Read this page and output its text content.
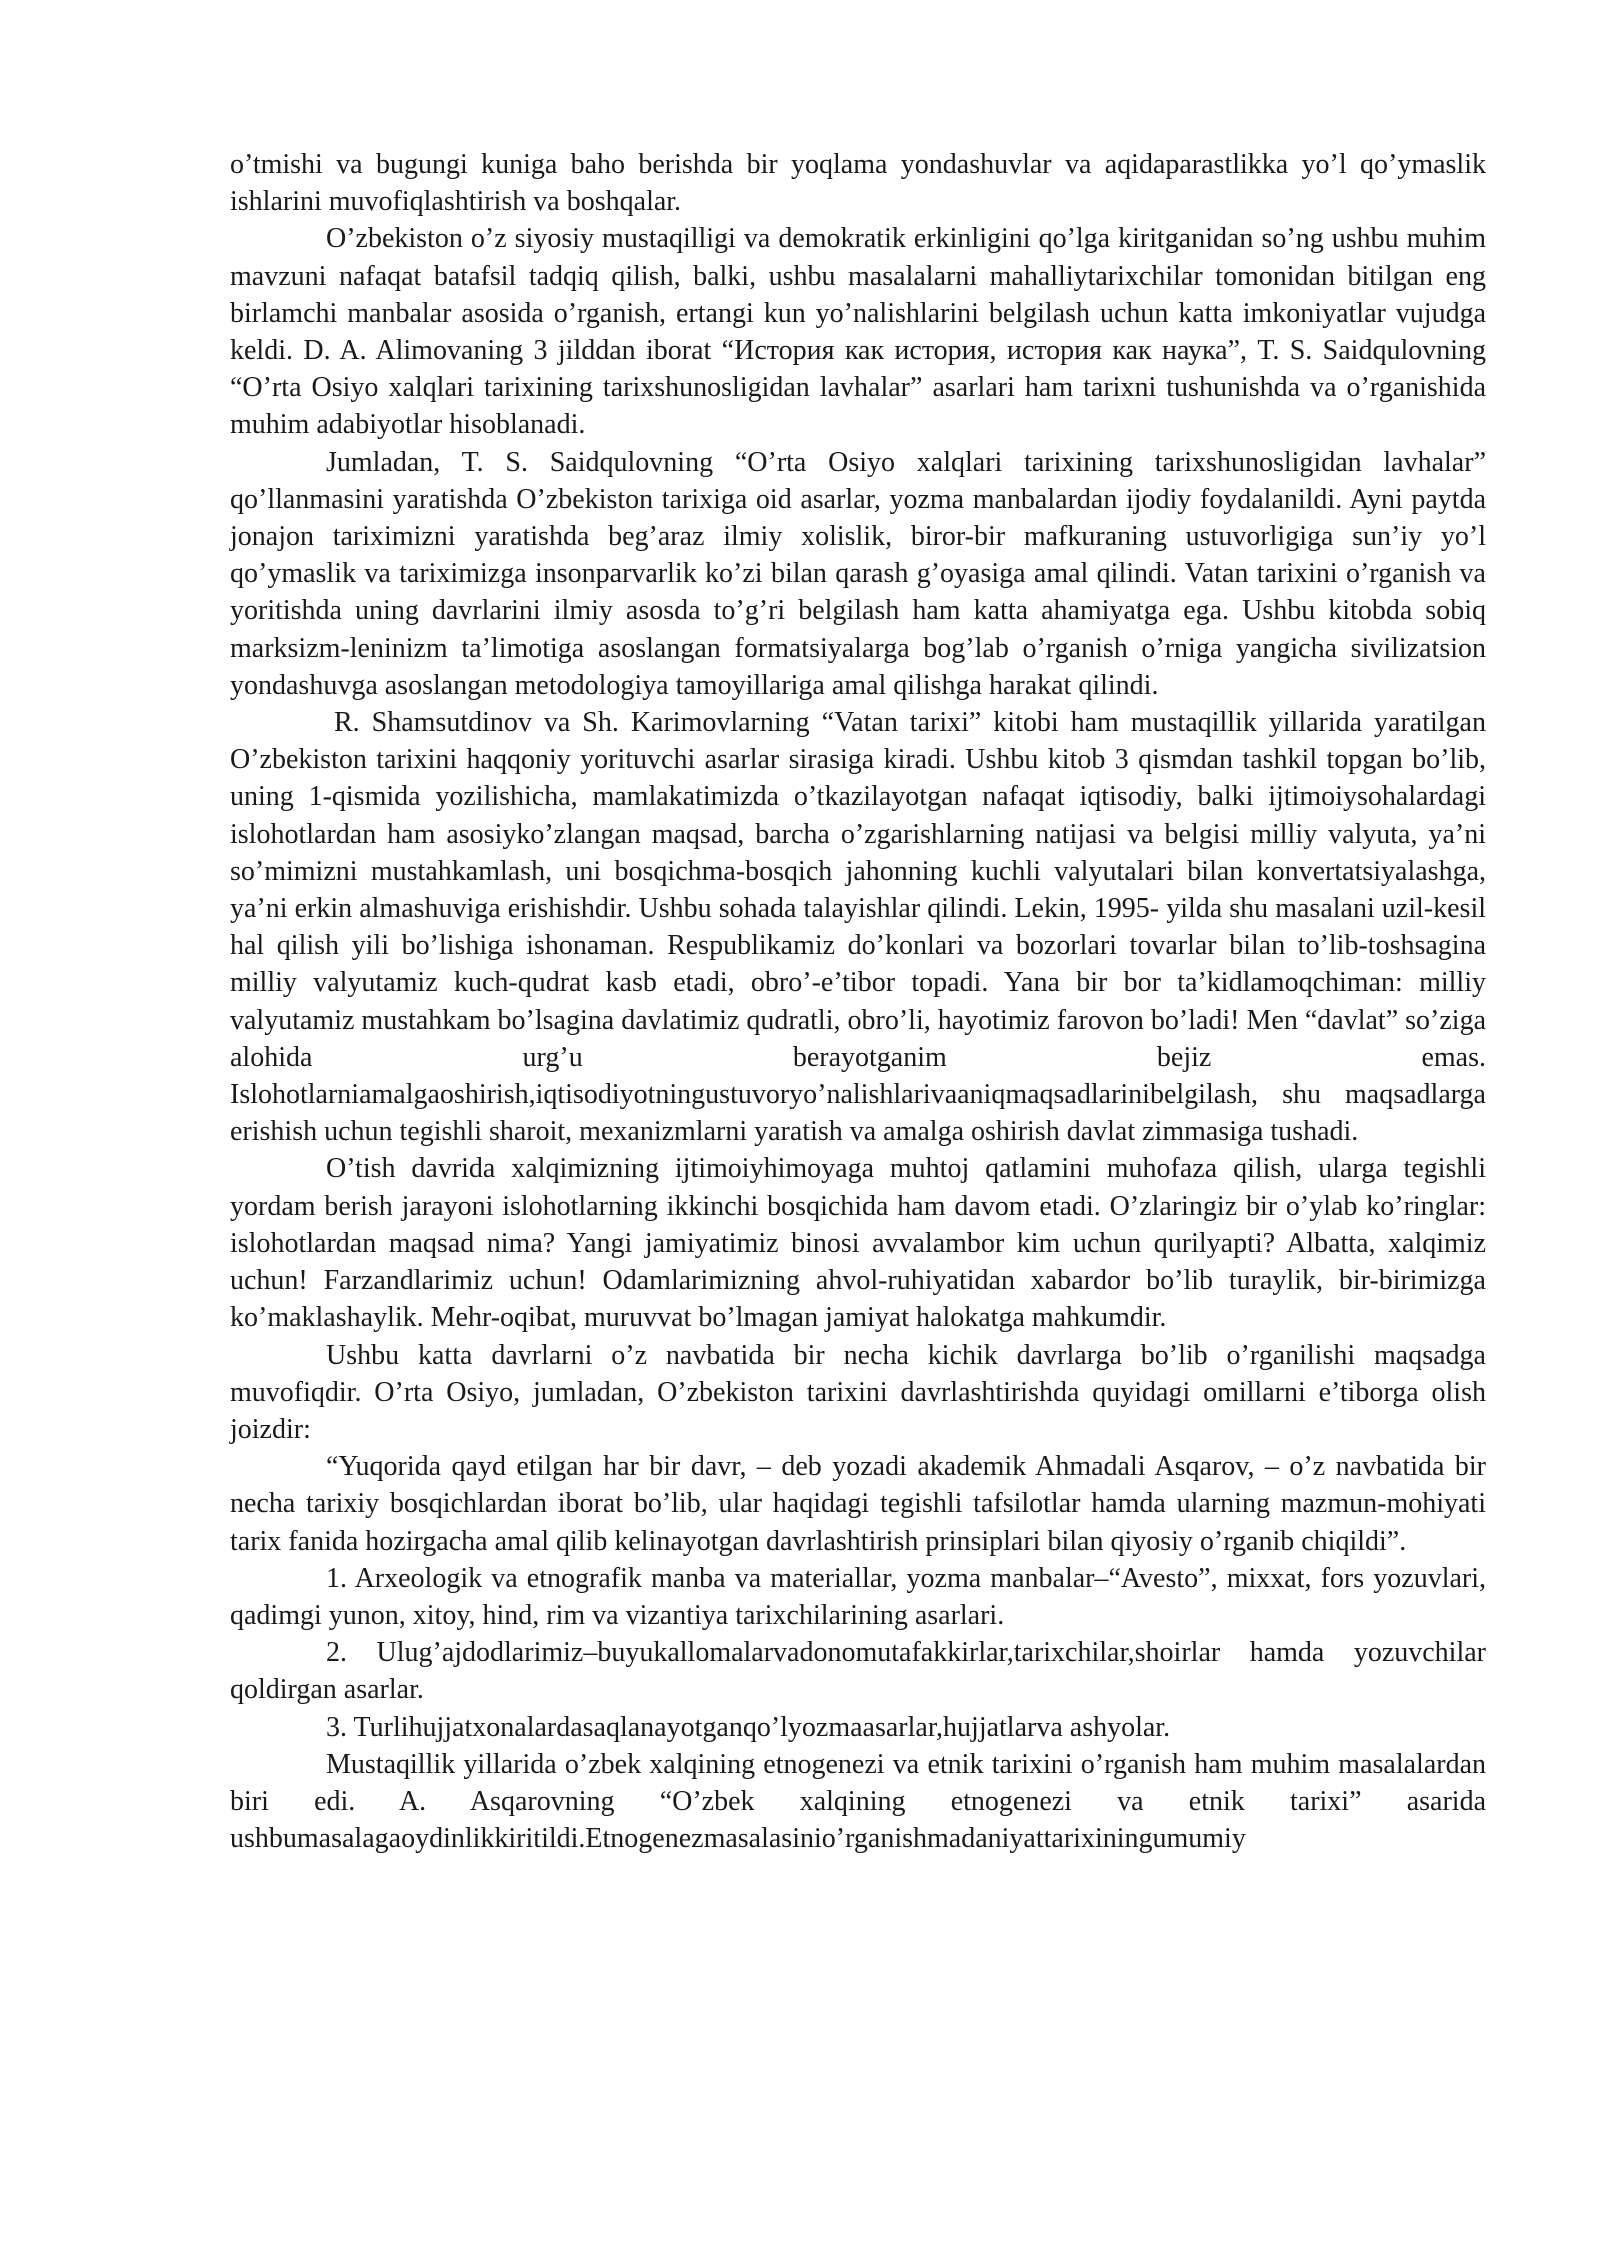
o’tmishi va bugungi kuniga baho berishda bir yoqlama yondashuvlar va aqidaparastlikka yo’l qo’ymaslik ishlarini muvofiqlashtirish va boshqalar.

O’zbekiston o’z siyosiy mustaqilligi va demokratik erkinligini qo’lga kiritganidan so’ng ushbu muhim mavzuni nafaqat batafsil tadqiq qilish, balki, ushbu masalalarni mahalliytarixchilar tomonidan bitilgan eng birlamchi manbalar asosida o’rganish, ertangi kun yo’nalishlarini belgilash uchun katta imkoniyatlar vujudga keldi. D. A. Alimovaning 3 jilddan iborat “История как история, история как наука”, T. S. Saidqulovning “O’rta Osiyo xalqlari tarixining tarixshunosligidan lavhalar” asarlari ham tarixni tushunishda va o’rganishida muhim adabiyotlar hisoblanadi.

Jumladan, T. S. Saidqulovning “O’rta Osiyo xalqlari tarixining tarixshunosligidan lavhalar” qo’llanmasini yaratishda O’zbekiston tarixiga oid asarlar, yozma manbalardan ijodiy foydalanildi. Ayni paytda jonajon tariximizni yaratishda beg’araz ilmiy xolislik, biror-bir mafkuraning ustuvorligiga sun’iy yo’l qo’ymaslik va tariximizga insonparvarlik ko’zi bilan qarash g’oyasiga amal qilindi. Vatan tarixini o’rganish va yoritishda uning davrlarini ilmiy asosda to’g’ri belgilash ham katta ahamiyatga ega. Ushbu kitobda sobiq marksizm-leninizm ta’limotiga asoslangan formatsiyalarga bog’lab o’rganish o’rniga yangicha sivilizatsion yondashuvga asoslangan metodologiya tamoyillariga amal qilishga harakat qilindi.

R. Shamsutdinov va Sh. Karimovlarning “Vatan tarixi” kitobi ham mustaqillik yillarida yaratilgan O’zbekiston tarixini haqqoniy yorituvchi asarlar sirasiga kiradi. Ushbu kitob 3 qismdan tashkil topgan bo’lib, uning 1-qismida yozilishicha, mamlakatimizda o’tkazilayotgan nafaqat iqtisodiy, balki ijtimoiysohalardagi islohotlardan ham asosiyko’zlangan maqsad, barcha o’zgarishlarning natijasi va belgisi milliy valyuta, ya’ni so’mimizni mustahkamlash, uni bosqichma-bosqich jahonning kuchli valyutalari bilan konvertatsiyalashga, ya’ni erkin almashuviga erishishdir. Ushbu sohada talayishlar qilindi. Lekin, 1995- yilda shu masalani uzil-kesil hal qilish yili bo’lishiga ishonaman. Respublikamiz do’konlari va bozorlari tovarlar bilan to’lib-toshsagina milliy valyutamiz kuch-qudrat kasb etadi, obro’-e’tibor topadi. Yana bir bor ta’kidlamoqchiman: milliy valyutamiz mustahkam bo’lsagina davlatimiz qudratli, obro’li, hayotimiz farovon bo’ladi! Men “davlat” so’ziga alohida urg’u berayotganim bejiz emas. Islohotlarniamalgaoshirish,iqtisodiyotningustuvoryo’nalishlarivaaniqmaqsadlarinibelgilash, shu maqsadlarga erishish uchun tegishli sharoit, mexanizmlarni yaratish va amalga oshirish davlat zimmasiga tushadi.

O’tish davrida xalqimizning ijtimoiyhimoyaga muhtoj qatlamini muhofaza qilish, ularga tegishli yordam berish jarayoni islohotlarning ikkinchi bosqichida ham davom etadi. O’zlaringiz bir o’ylab ko’ringlar: islohotlardan maqsad nima? Yangi jamiyatimiz binosi avvalambor kim uchun qurilyapti? Albatta, xalqimiz uchun! Farzandlarimiz uchun! Odamlarimizning ahvol-ruhiyatidan xabardor bo’lib turaylik, bir-birimizga ko’maklashaylik. Mehr-oqibat, muruvvat bo’lmagan jamiyat halokatga mahkumdir.

Ushbu katta davrlarni o’z navbatida bir necha kichik davrlarga bo’lib o’rganilishi maqsadga muvofiqdir. O’rta Osiyo, jumladan, O’zbekiston tarixini davrlashtirishda quyidagi omillarni e’tiborga olish joizdir:

“Yuqorida qayd etilgan har bir davr, – deb yozadi akademik Ahmadali Asqarov, – o’z navbatida bir necha tarixiy bosqichlardan iborat bo’lib, ular haqidagi tegishli tafsilotlar hamda ularning mazmun-mohiyati tarix fanida hozirgacha amal qilib kelinayotgan davrlashtirish prinsiplari bilan qiyosiy o’rganib chiqildi”.

1. Arxeologik va etnografik manba va materiallar, yozma manbalar–“Avesto”, mixxat, fors yozuvlari, qadimgi yunon, xitoy, hind, rim va vizantiya tarixchilarining asarlari.

2. Ulug’ajdodlarimiz–buyukallomalarvadonomutafakkirlar,tarixchilar,shoirlar hamda yozuvchilar qoldirgan asarlar.

3. Turlihujjatxonalardasaqlanayotganqo’lyozmaasarlar,hujjatlarva ashyolar.

Mustaqillik yillarida o’zbek xalqining etnogenezi va etnik tarixini o’rganish ham muhim masalalardan biri edi. A. Asqarovning “O’zbek xalqining etnogenezi va etnik tarixi” asarida ushbumasalagaoydinlikkiritildi.Etnogenezmasalasinio’rganishmadaniyattarixiningumumiy
